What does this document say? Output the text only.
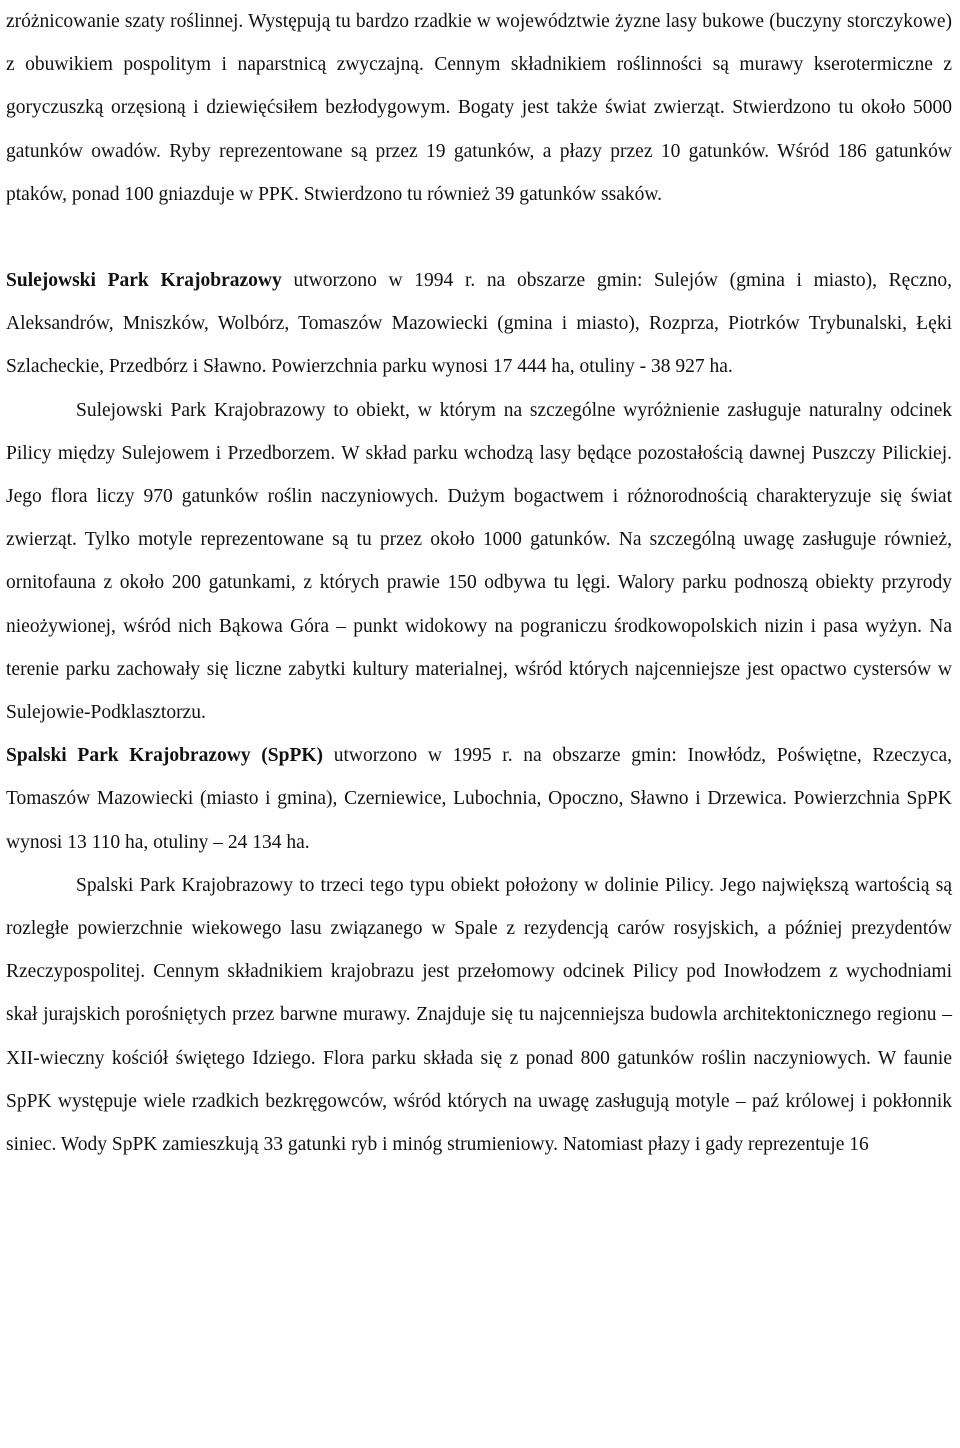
zróżnicowanie szaty roślinnej. Występują tu bardzo rzadkie w województwie żyzne lasy bukowe (buczyny storczykowe) z obuwikiem pospolitym i naparstnicą zwyczajną. Cennym składnikiem roślinności są murawy kserotermiczne z goryczuszką orzęsioną i dziewięćsiłem bezłodygowym. Bogaty jest także świat zwierząt. Stwierdzono tu około 5000 gatunków owadów. Ryby reprezentowane są przez 19 gatunków, a płazy przez 10 gatunków. Wśród 186 gatunków ptaków, ponad 100 gniazduje w PPK. Stwierdzono tu również 39 gatunków ssaków.

Sulejowski Park Krajobrazowy utworzono w 1994 r. na obszarze gmin: Sulejów (gmina i miasto), Ręczno, Aleksandrów, Mniszków, Wolbórz, Tomaszów Mazowiecki (gmina i miasto), Rozprza, Piotrków Trybunalski, Łęki Szlacheckie, Przedbórz i Sławno. Powierzchnia parku wynosi 17 444 ha, otuliny - 38 927 ha.

Sulejowski Park Krajobrazowy to obiekt, w którym na szczególne wyróżnienie zasługuje naturalny odcinek Pilicy między Sulejowem i Przedborzem. W skład parku wchodzą lasy będące pozostałością dawnej Puszczy Pilickiej. Jego flora liczy 970 gatunków roślin naczyniowych. Dużym bogactwem i różnorodnością charakteryzuje się świat zwierząt. Tylko motyle reprezentowane są tu przez około 1000 gatunków. Na szczególną uwagę zasługuje również, ornitofauna z około 200 gatunkami, z których prawie 150 odbywa tu lęgi. Walory parku podnoszą obiekty przyrody nieożywionej, wśród nich Bąkowa Góra – punkt widokowy na pograniczu środkowopolskich nizin i pasa wyżyn. Na terenie parku zachowały się liczne zabytki kultury materialnej, wśród których najcenniejsze jest opactwo cystersów w Sulejowie-Podklasztorzu.

Spalski Park Krajobrazowy (SpPK) utworzono w 1995 r. na obszarze gmin: Inowłódz, Poświętne, Rzeczyca, Tomaszów Mazowiecki (miasto i gmina), Czerniewice, Lubochnia, Opoczno, Sławno i Drzewica. Powierzchnia SpPK wynosi 13 110 ha, otuliny – 24 134 ha.

Spalski Park Krajobrazowy to trzeci tego typu obiekt położony w dolinie Pilicy. Jego największą wartością są rozległe powierzchnie wiekowego lasu związanego w Spale z rezydencją carów rosyjskich, a później prezydentów Rzeczypospolitej. Cennym składnikiem krajobrazu jest przełomowy odcinek Pilicy pod Inowłodzem z wychodniami skał jurajskich porośniętych przez barwne murawy. Znajduje się tu najcenniejsza budowla architektonicznego regionu – XII-wieczny kościół świętego Idziego. Flora parku składa się z ponad 800 gatunków roślin naczyniowych. W faunie SpPK występuje wiele rzadkich bezkręgowców, wśród których na uwagę zasługują motyle – paź królowej i pokłonnik siniec. Wody SpPK zamieszkują 33 gatunki ryb i minóg strumieniowy. Natomiast płazy i gady reprezentuje 16
